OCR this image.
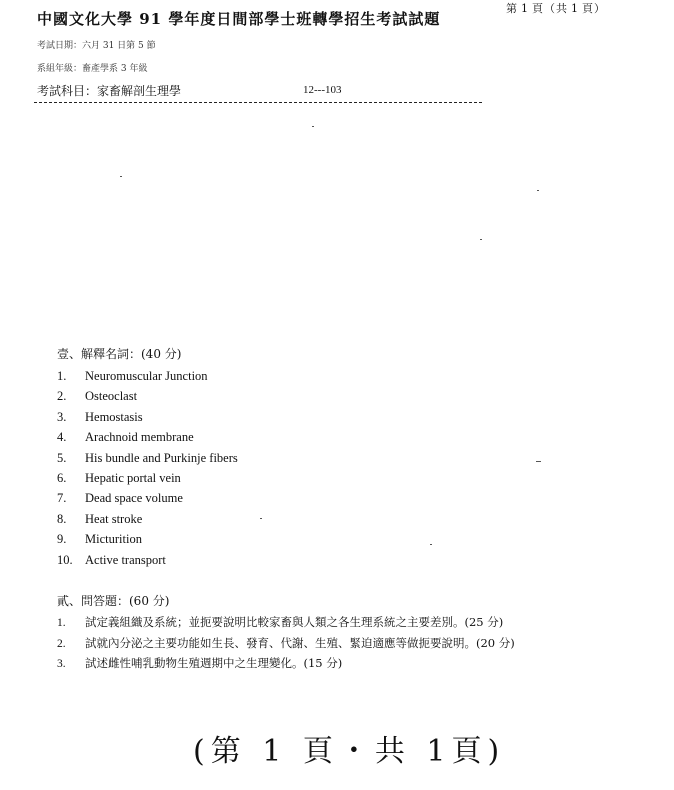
中國文化大學 91 學年度日間部學士班轉學招生考試試題
第 1 頁（共 1 頁）
考試日期：六月 31 日第 5 節
系組年級：畜產學系 3 年級
考試科目：家畜解剖生理學	12---103
壹、解釋名詞：(40 分)
1. Neuromuscular Junction
2. Osteoclast
3. Hemostasis
4. Arachnoid membrane
5. His bundle and Purkinje fibers
6. Hepatic portal vein
7. Dead space volume
8. Heat stroke
9. Micturition
10. Active transport
貳、問答題：(60 分)
1. 試定義組織及系統；並扼要說明比較家畜與人類之各生理系統之主要差別。(25 分)
2. 試就內分泌之主要功能如生長、發育、代謝、生殖、緊迫適應等做扼要說明。(20 分)
3. 試述雌性哺乳動物生殖週期中之生理變化。(15 分)
(第 1 頁・共 1頁)
